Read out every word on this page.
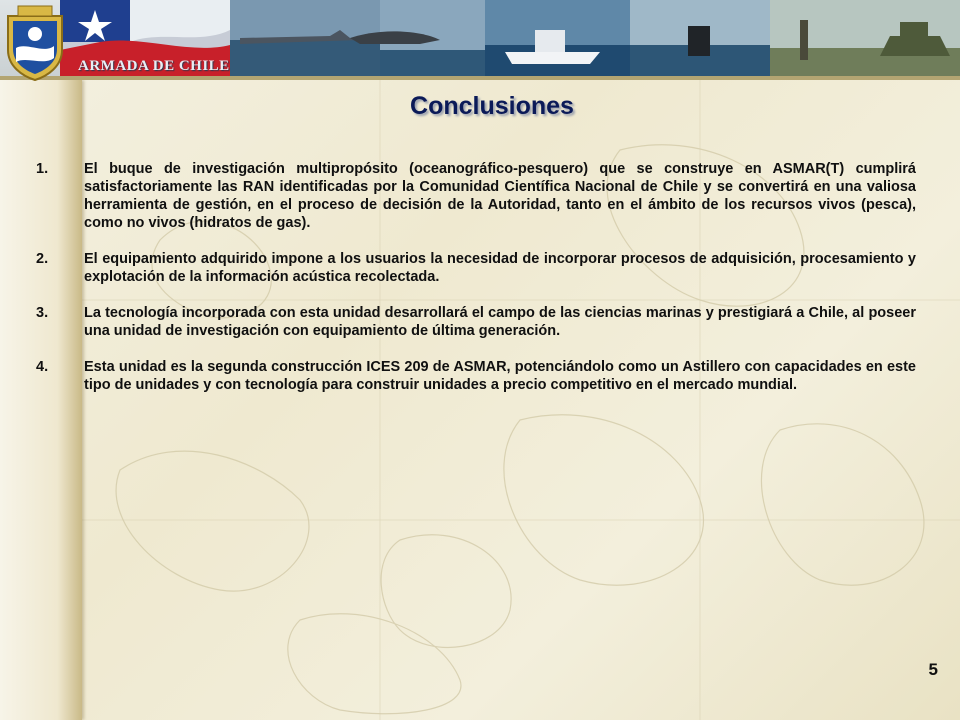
ARMADA DE CHILE
Conclusiones
1.	El buque de investigación multipropósito (oceanográfico-pesquero) que se construye en ASMAR(T) cumplirá satisfactoriamente las RAN identificadas por la Comunidad Científica Nacional de Chile y se convertirá en una valiosa herramienta de gestión, en el proceso de decisión de la Autoridad, tanto en el ámbito de los recursos vivos (pesca), como no vivos (hidratos de gas).
2.	El equipamiento adquirido impone a los usuarios la necesidad de incorporar procesos de adquisición, procesamiento y explotación de la información acústica recolectada.
3.	La tecnología incorporada con esta unidad desarrollará el campo de las ciencias marinas y prestigiará a Chile, al poseer una unidad de investigación con equipamiento de última generación.
4.	Esta unidad es la segunda construcción ICES 209 de ASMAR, potenciándolo como un Astillero con capacidades en este tipo de unidades y con tecnología para construir unidades a precio competitivo en el mercado mundial.
5
